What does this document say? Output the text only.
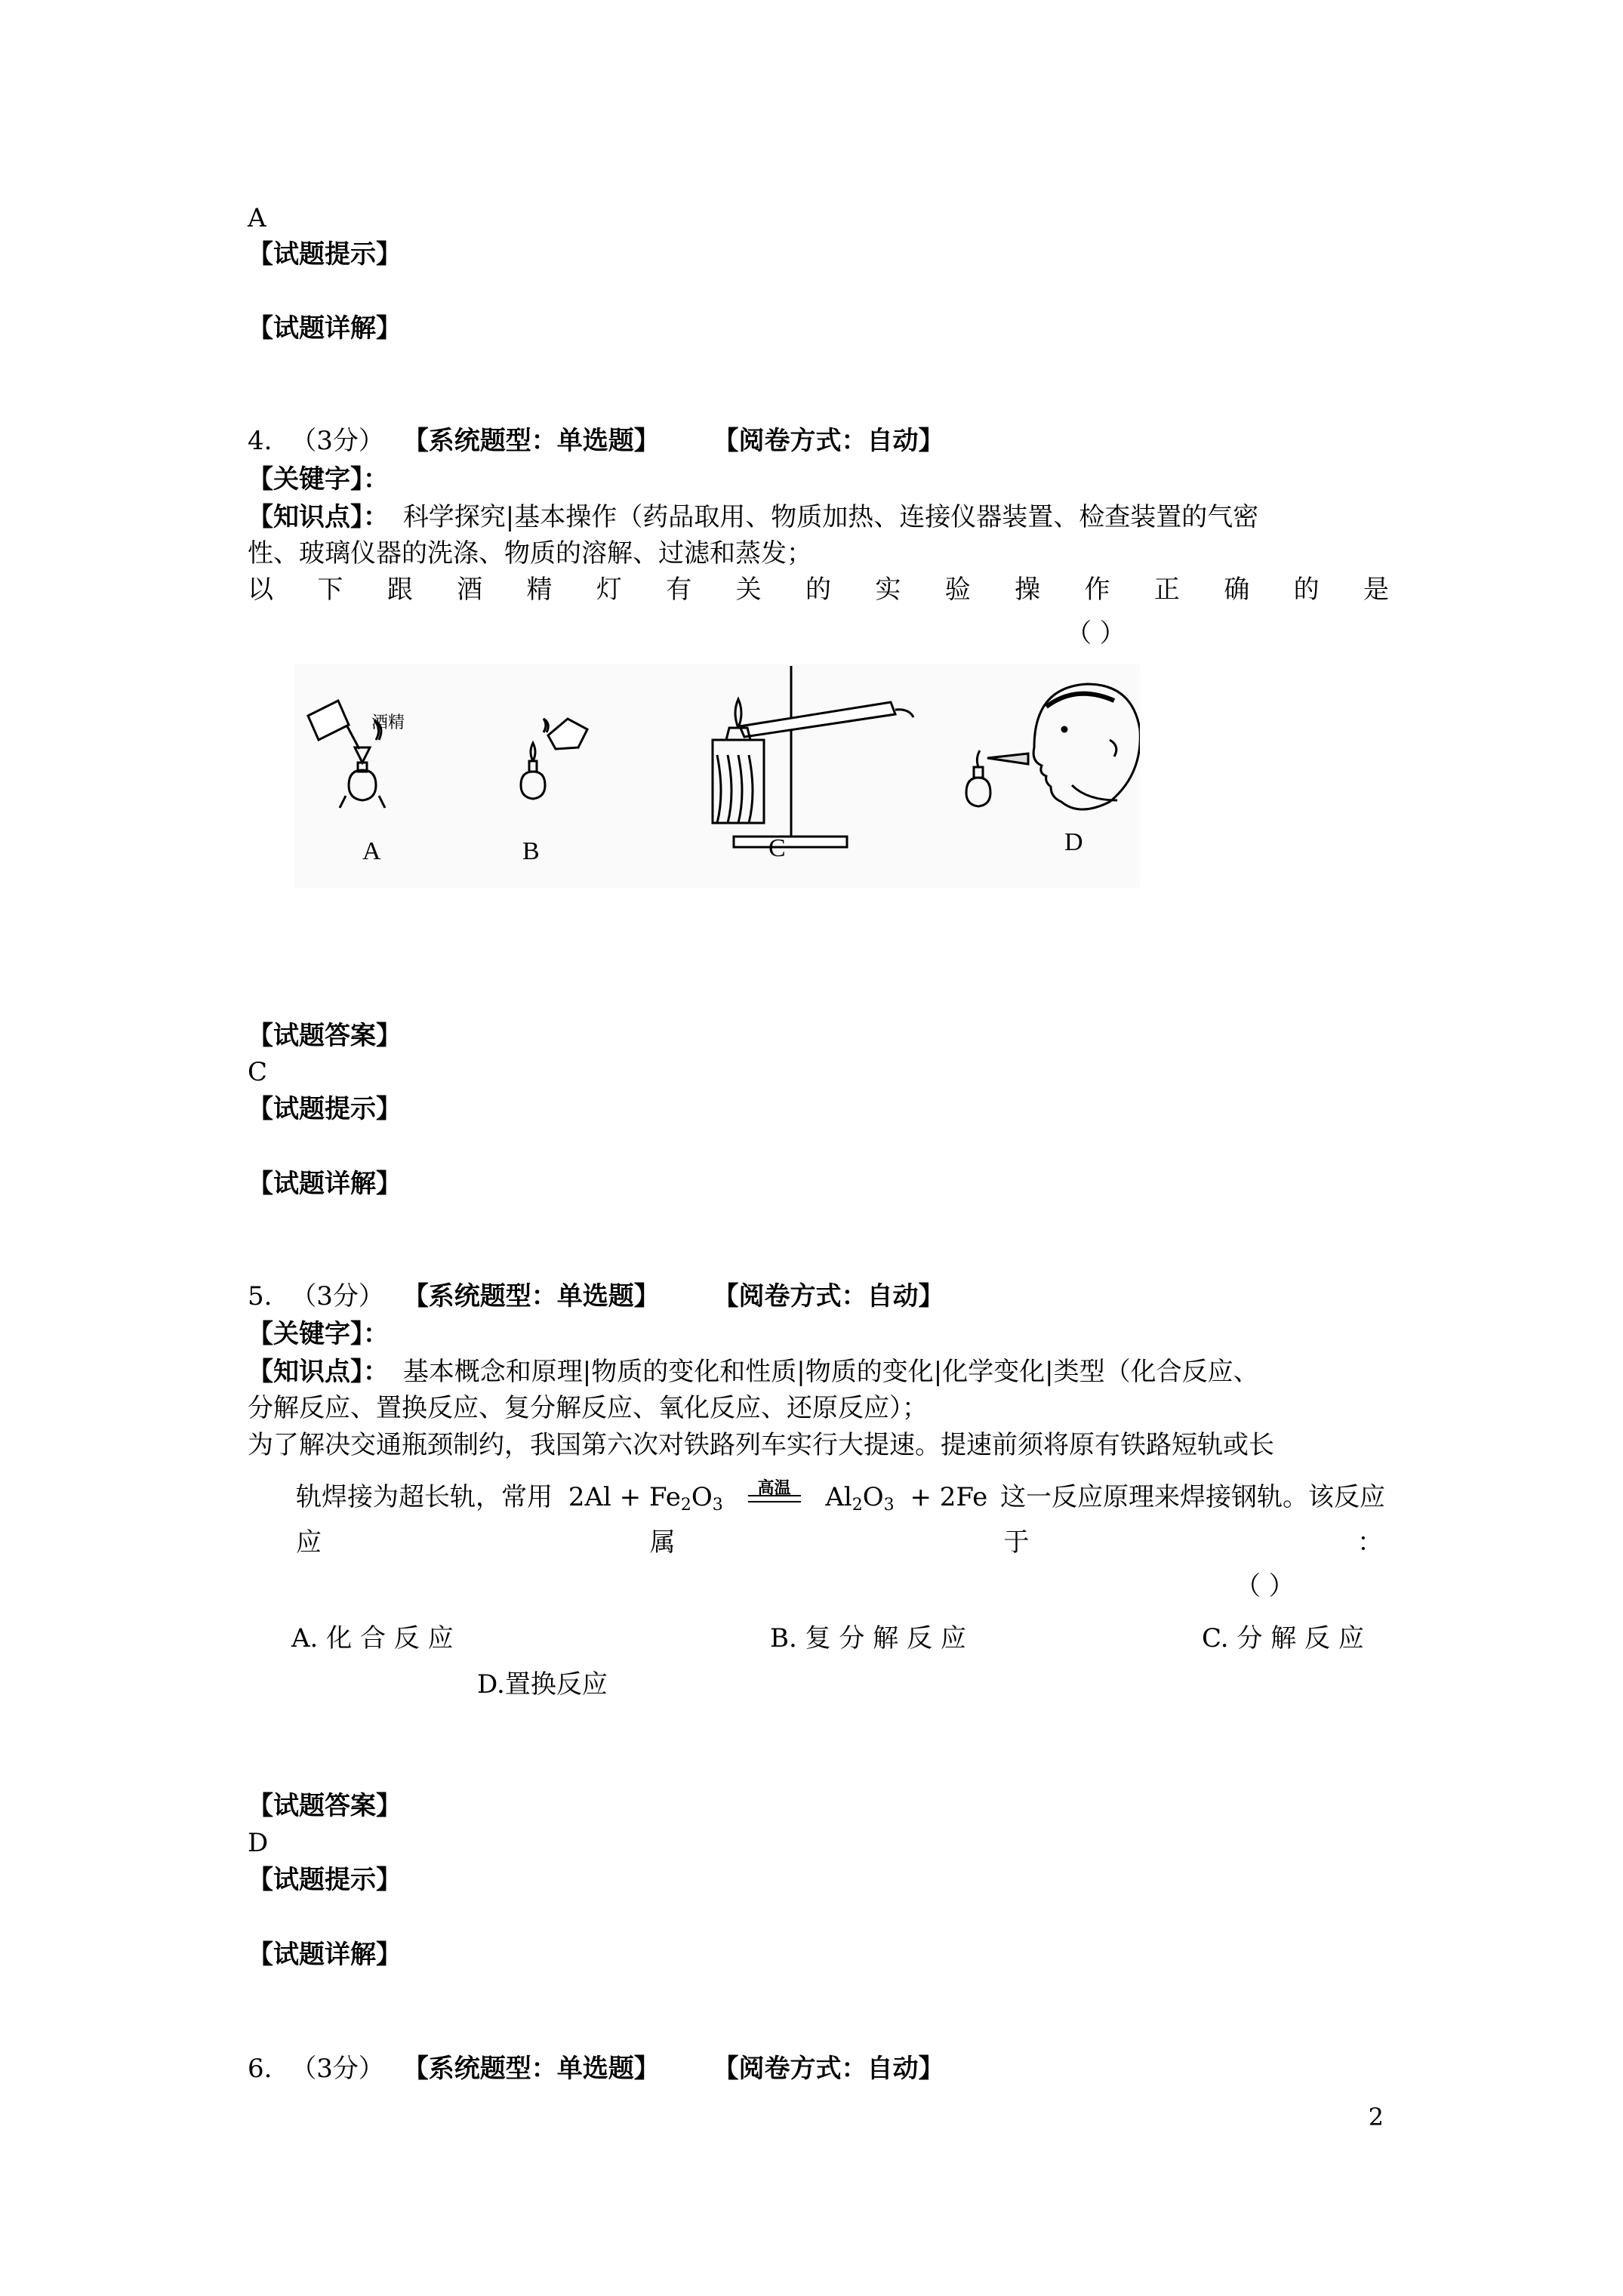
A
【试题提示】
【试题详解】
4. （3分） 【系统题型：单选题】 【阅卷方式：自动】
【关键字】：
【知识点】： 科学探究|基本操作（药品取用、物质加热、连接仪器装置、检查装置的气密
性、玻璃仪器的洗涤、物质的溶解、过滤和蒸发；
以 下 跟 酒 精 灯 有 关 的 实 验 操 作 正 确 的 是
（ ）
A
酒精
B	C	D
【试题答案】
C
【试题提示】
【试题详解】
5. （3分） 【系统题型：单选题】 【阅卷方式：自动】
【关键字】：
【知识点】： 基本概念和原理|物质的变化和性质|物质的变化|化学变化|类型（化合反应、
分解反应、置换反应、复分解反应、氧化反应、还原反应）；
为了解决交通瓶颈制约，我国第六次对铁路列车实行大提速。提速前须将原有铁路短轨或长
轨焊接为超长轨，常用 $2Al + Fe_2O_3$
高温	$Al_2O_3 + 2Fe$ 这一反应原理来焊接钢轨。该反应
应	属	于	：
（ ）
A. 化 合 反 应	B. 复 分 解 反 应	C. 分 解 反 应
D.置换反应
【试题答案】
D
【试题提示】
【试题详解】
6. （3分） 【系统题型：单选题】 【阅卷方式：自动】
2
